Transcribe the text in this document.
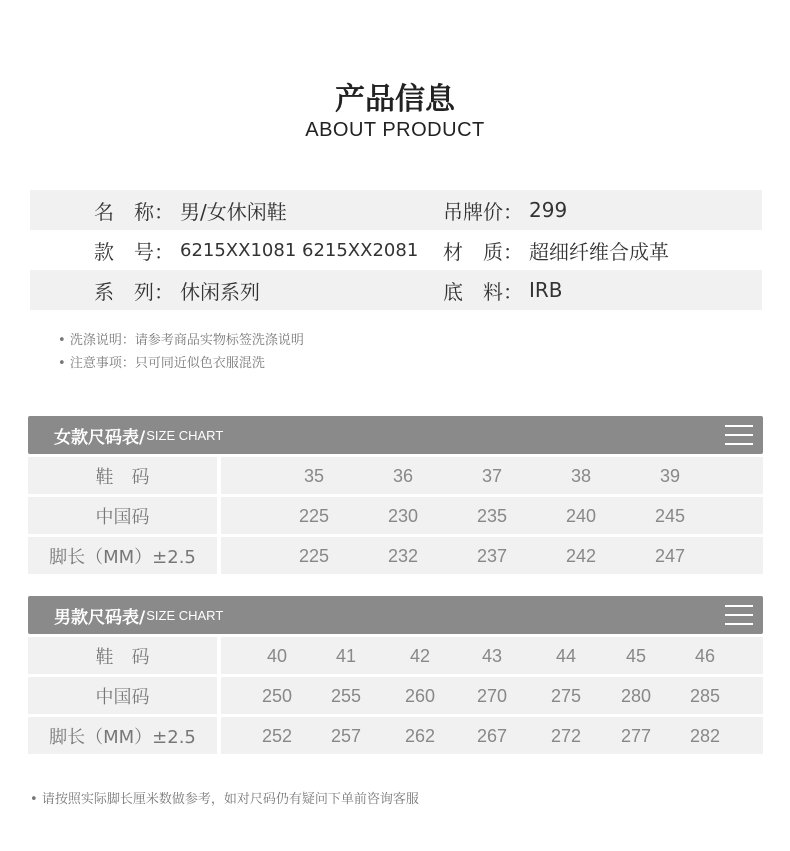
产品信息
ABOUT PRODUCT
名　称： 男/女休闲鞋	吊牌价： 299
款　号： 6215XX1081 6215XX2081 材　质： 超细纤维合成革
系　列： 休闲系列	底　料： IRB
• 洗涤说明：请参考商品实物标签洗涤说明
• 注意事项：只可同近似色衣服混洗
女款尺码表/ SIZE CHART
鞋　码	35	36	37	38	39
中国码	225	230	235	240	245
脚长（MM）±2.5	225	232	237	242	247
男款尺码表/ SIZE CHART
鞋　码	40	41	42	43	44	45	46
中国码	250	255	260	270	275	280	285
脚长（MM）±2.5	252	257	262	267	272	277	282
• 请按照实际脚长厘米数做参考，如对尺码仍有疑问下单前咨询客服
